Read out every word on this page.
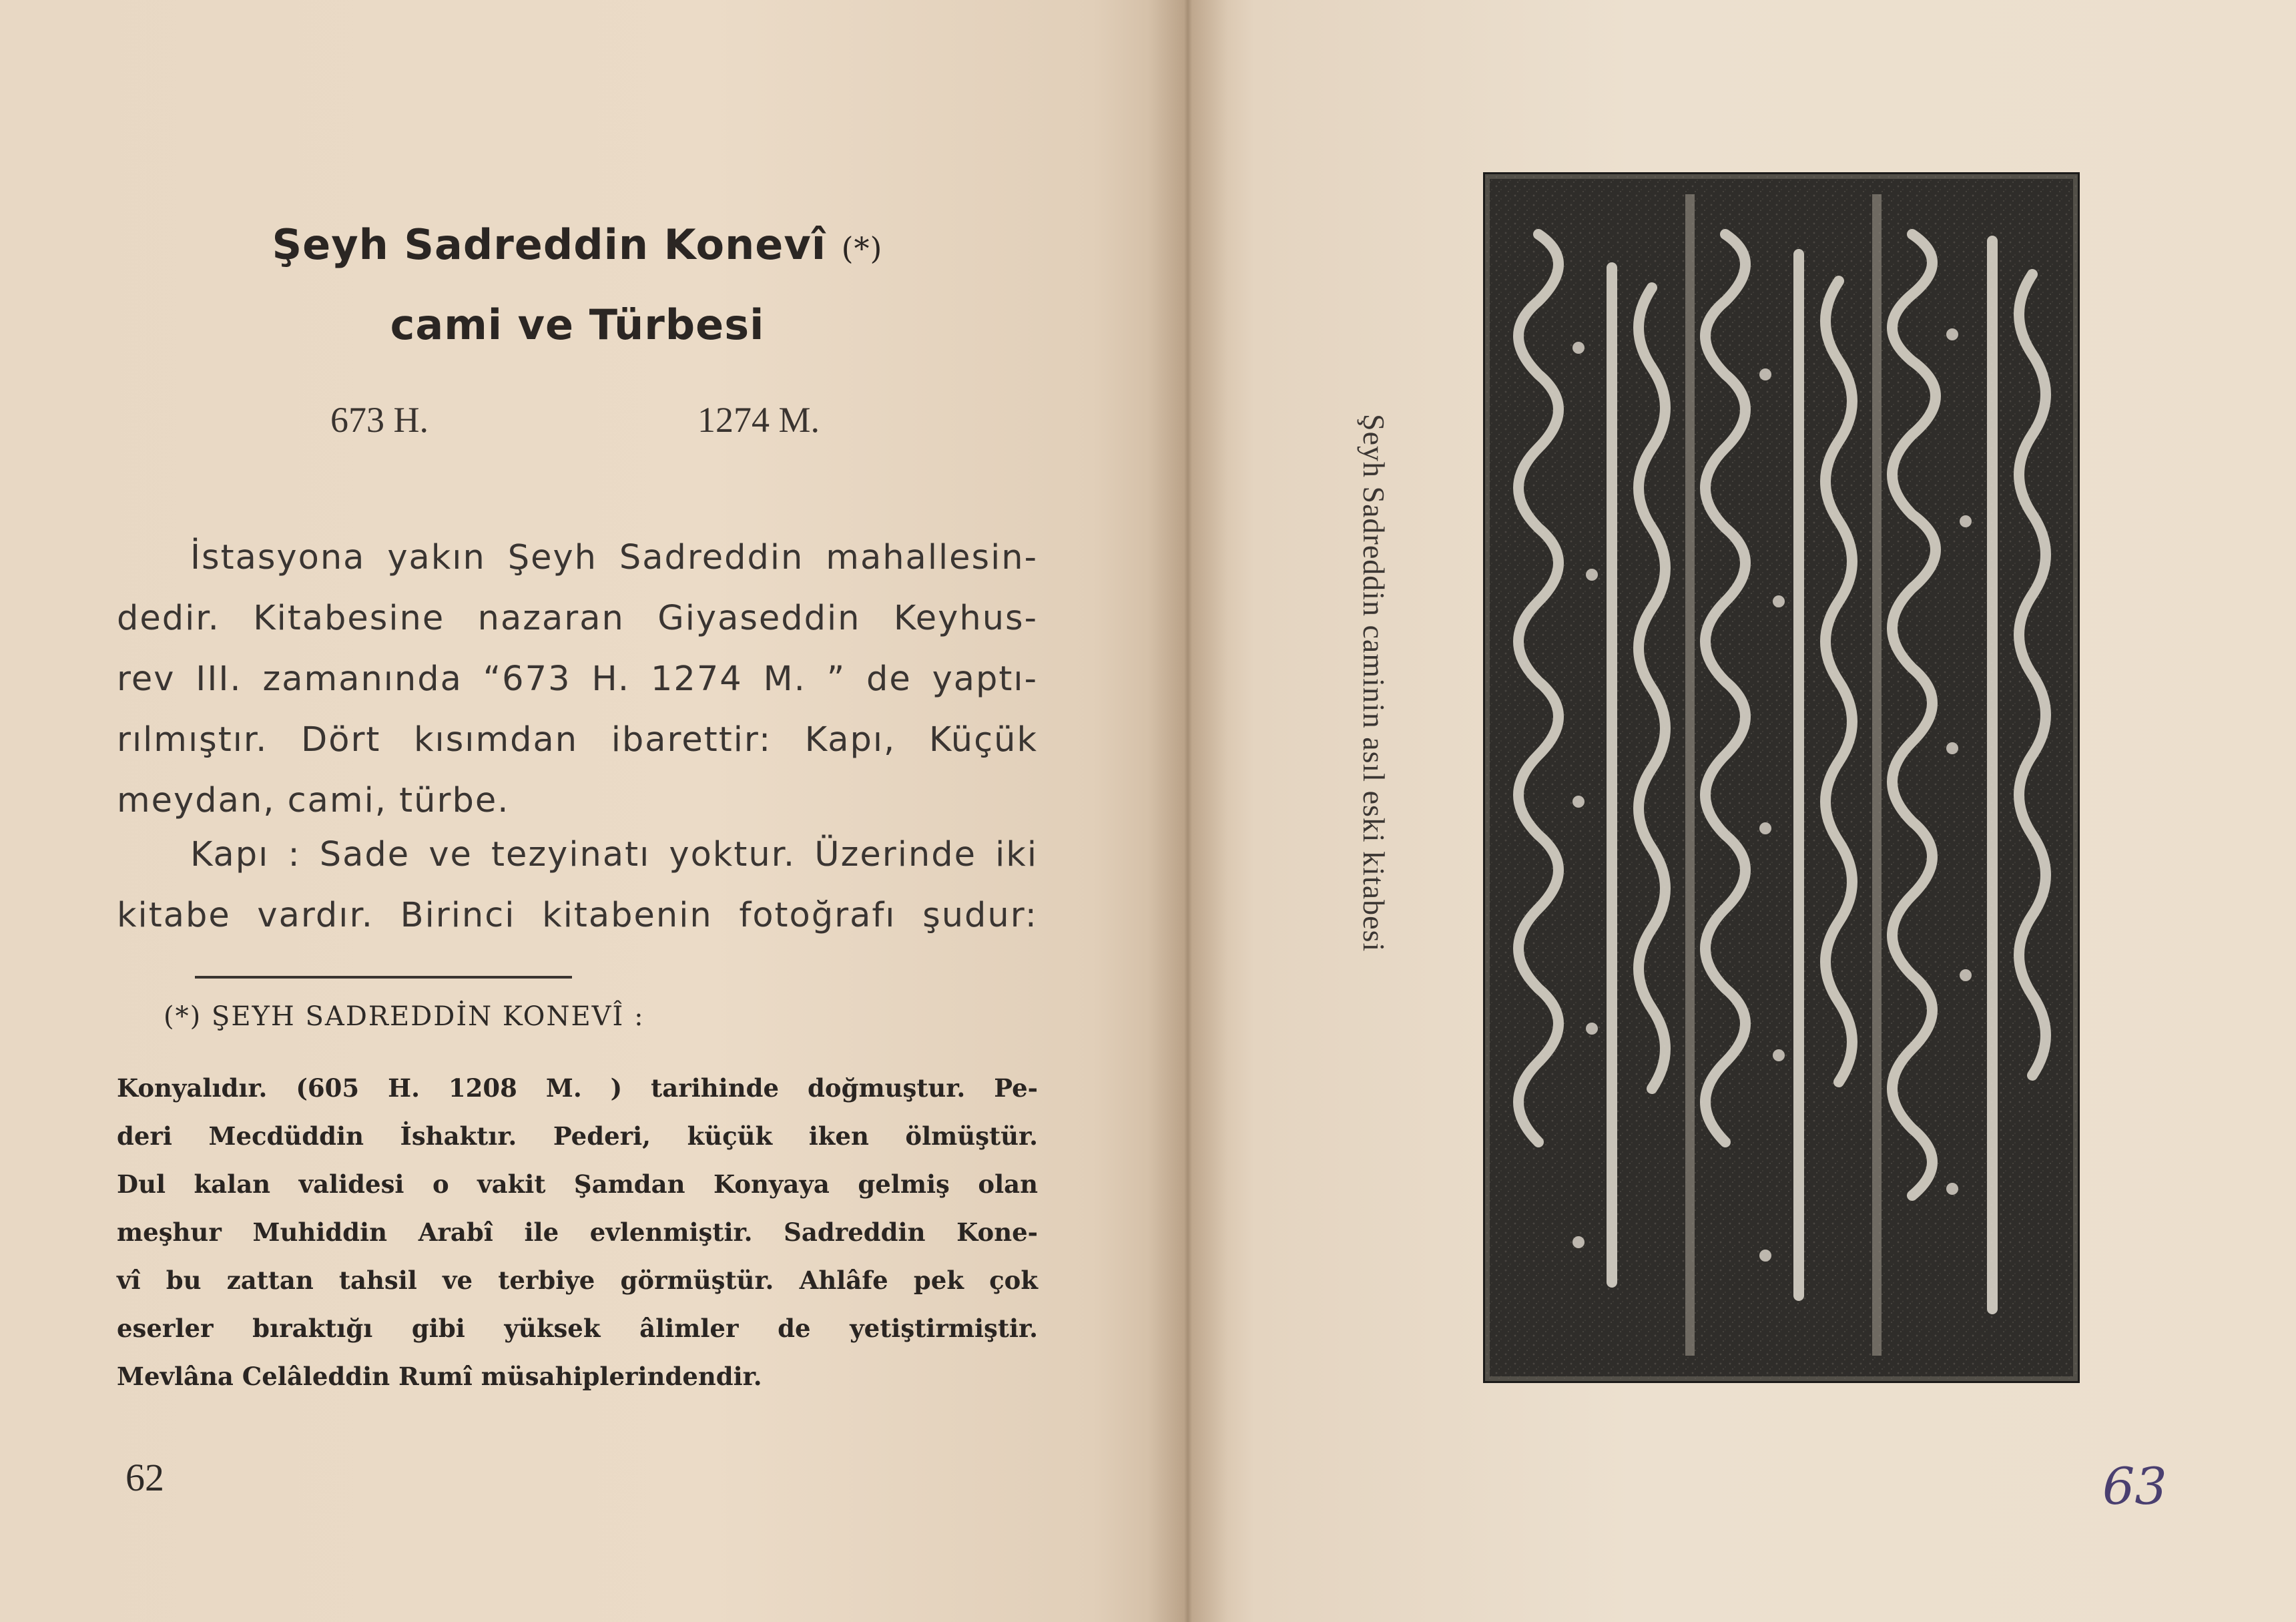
Şeyh Sadreddin Konevî (*)
cami ve Türbesi
673 H.	1274 M.
İstasyona yakın Şeyh Sadreddin mahallesin-
dedir. Kitabesine nazaran Giyaseddin Keyhus-
rev III. zamanında “673 H. 1274 M. ” de yaptı-
rılmıştır. Dört kısımdan ibarettir: Kapı, Küçük
meydan, cami, türbe.
Kapı : Sade ve tezyinatı yoktur. Üzerinde iki
kitabe vardır. Birinci kitabenin fotoğrafı şudur:
(*) ŞEYH SADREDDİN KONEVÎ :
Konyalıdır. (605 H. 1208 M. ) tarihinde doğmuştur. Pe-
deri Mecdüddin İshaktır. Pederi, küçük iken ölmüştür.
Dul kalan validesi o vakit Şamdan Konyaya gelmiş olan
meşhur Muhiddin Arabî ile evlenmiştir. Sadreddin Kone-
vî bu zattan tahsil ve terbiye görmüştür. Ahlâfe pek çok
eserler bıraktığı gibi yüksek âlimler de yetiştirmiştir.
Mevlâna Celâleddin Rumî müsahiplerindendir.
62
Şeyh Sadreddin caminin asıl eski kitabesi
63
